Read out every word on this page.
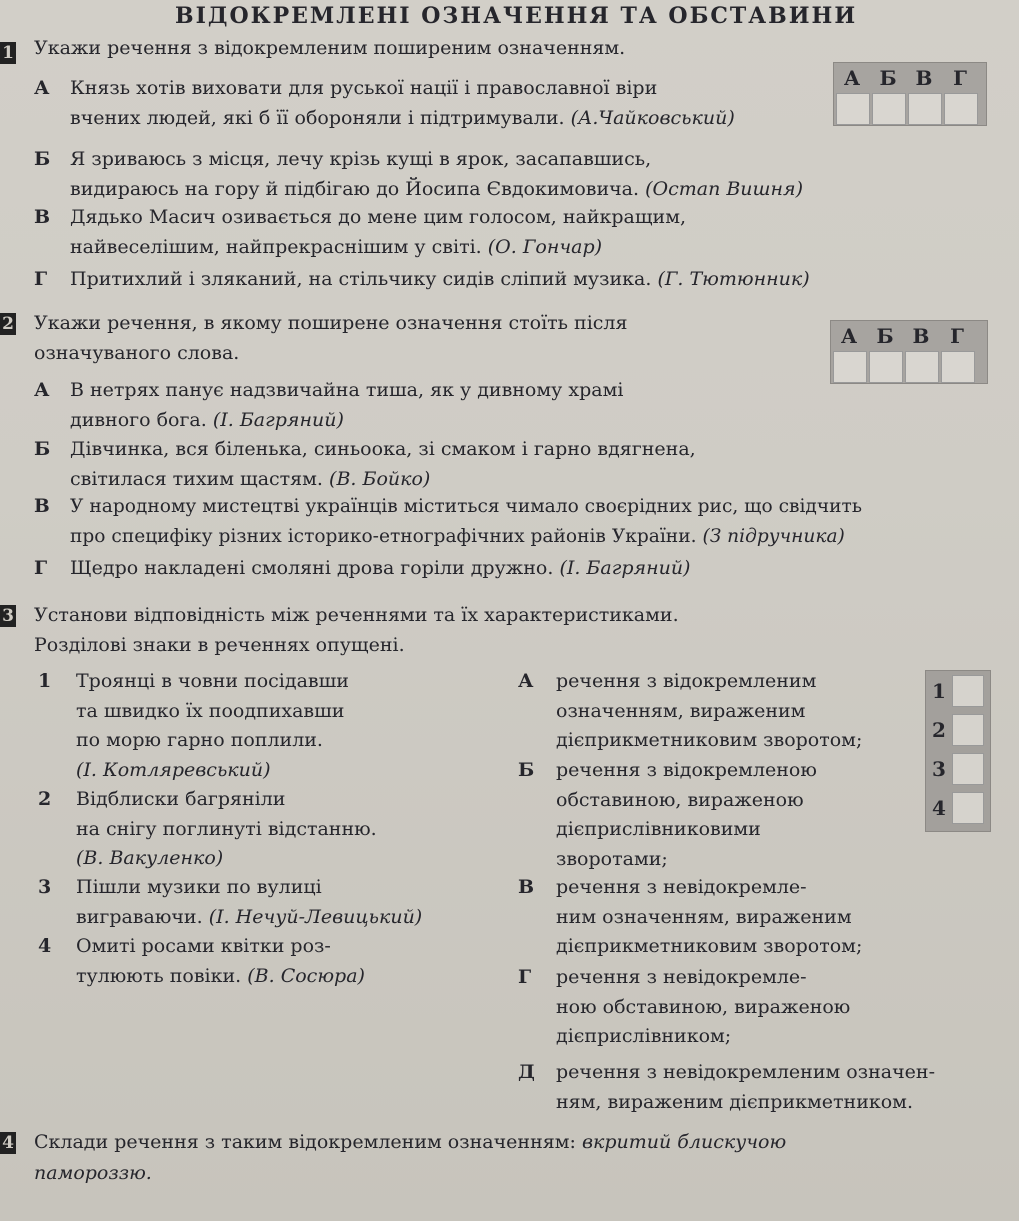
ВІДОКРЕМЛЕНІ ОЗНАЧЕННЯ ТА ОБСТАВИНИ
1 Укажи речення з відокремленим поширеним означенням.
А Б В	Г
А Князь хотів виховати для руської нації і православної віри
вчених людей, які б її обороняли і підтримували. (А.Чайковський)
Б Я зриваюсь з місця, лечу крізь кущі в ярок, засапавшись,
видираюсь на гору й підбігаю до Йосипа Євдокимовича. (Остап Вишня)
В Дядько Масич озивається до мене цим голосом, найкращим,
найвеселішим, найпрекраснішим у світі. (О. Гончар)
Г Притихлий і зляканий, на стільчику сидів сліпий музика. (Г. Тютюнник)
2 Укажи речення, в якому поширене означення стоїть після
означуваного слова.
А Б В	Г
А В нетрях панує надзвичайна тиша, як у дивному храмі
дивного бога. (І. Багряний)
Б Дівчинка, вся біленька, синьоока, зі смаком і гарно вдягнена,
світилася тихим щастям. (В. Бойко)
В У народному мистецтві українців міститься чимало своєрідних рис, що свідчить
про специфіку різних історико-етнографічних районів України. (З підручника)
Г Щедро накладені смоляні дрова горіли дружно. (І. Багряний)
3 Установи відповідність між реченнями та їх характеристиками.
Розділові знаки в реченнях опущені.
1 Троянці в човни посідавши
та швидко їх поодпихавши
по морю гарно поплили.
(І. Котляревський)
2 Відблиски багряніли
на снігу поглинуті відстанню.
(В. Вакуленко)
3 Пішли музики по вулиці
вигравaючи. (І. Нечуй-Левицький)
4 Омиті росами квітки роз-
тулюють повіки. (В. Сосюра)
А речення з відокремленим
означенням, вираженим
дієприкметниковим зворотом;
Б речення з відокремленою
обставиною, вираженою
дієприслівниковими
зворотами;
В речення з невідокремле-
ним означенням, вираженим
дієприкметниковим зворотом;
Г речення з невідокремле-
ною обставиною, вираженою
дієприслівником;
Д речення з невідокремленим означен-
ням, вираженим дієприкметником.
1
2
3
4
4 Склади речення з таким відокремленим означенням: вкритий блискучою
памороззю.
